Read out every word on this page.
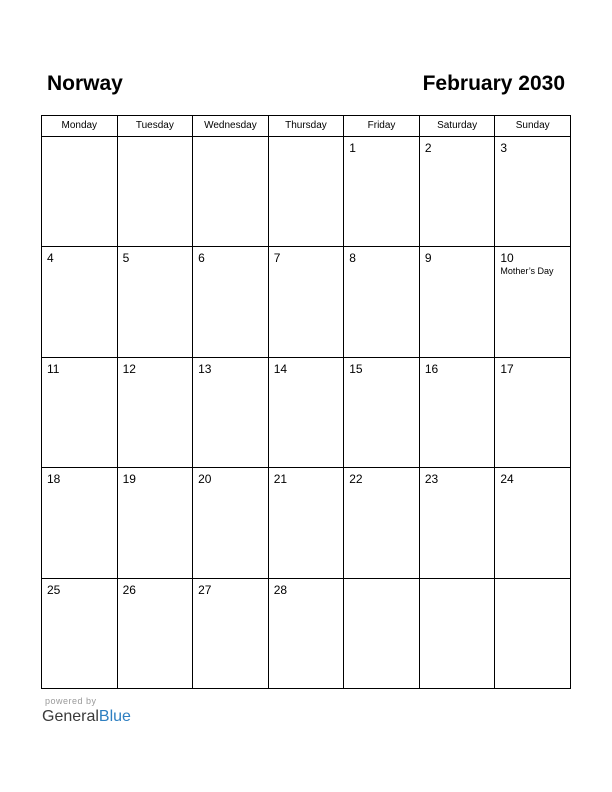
Norway	February 2030
Monday	Tuesday	Wednesday	Thursday	Friday	Saturday	Sunday

				1	2	3

4	5	6	7	8	9	10
Mother’s Day

11	12	13	14	15	16	17

18	19	20	21	22	23	24

25	26	27	28			

powered by
GeneralBlue
